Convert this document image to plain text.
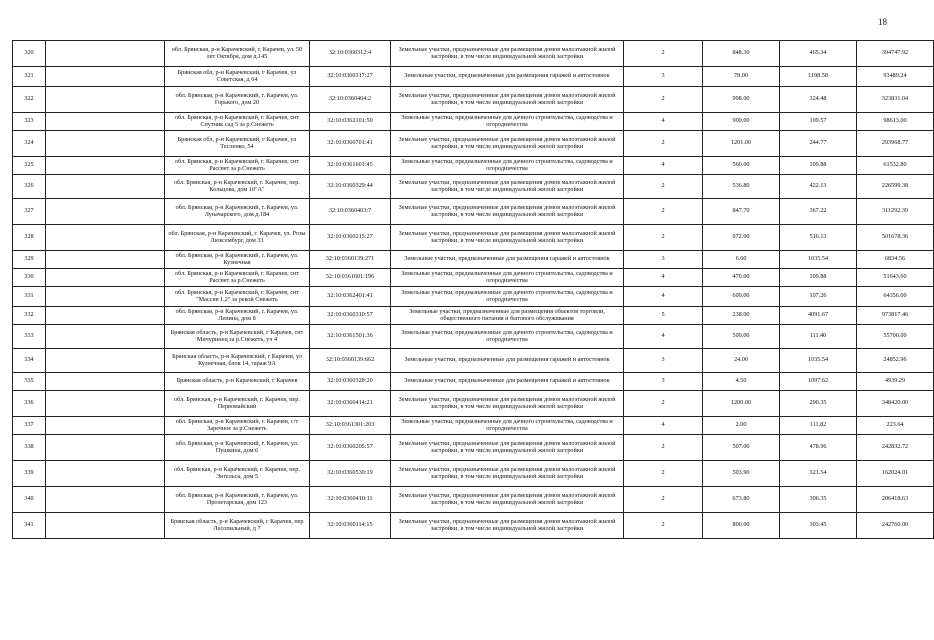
18
320		обл. Брянская, р-н Карачевский, г. Карачев, ул. 50 лет Октября, дом д.145	32:10:0360312:4	Земельные участки, предназначенные для размещения домов малоэтажной жилой застройки, в том числе индивидуальной жилой застройки	2	848.30	465.34	394747.92
321		Брянская обл, р-н Карачевский, г Карачев, ул Советская, д 64	32:10:0360317:27	Земельные участки, предназначенные для размещения гаражей и автостоянок	3	78.00	1198.58	93489.24
322		обл. Брянская, р-н Карачевский, г. Карачев, ул. Горького, дом 20	32:10:0360404:2	Земельные участки, предназначенные для размещения домов малоэтажной жилой застройки, в том числе индивидуальной жилой застройки	2	998.00	324.48	323831.04
323		обл. Брянская, р-н Карачевский, г. Карачев, снт Спутник сад 5 за р.Снежеть	32:10:0362101:50	Земельные участки, предназначенные для дачного строительства, садоводства и огородничества	4	900.00	109.57	98613.00
324		Брянская обл, р-н Карачевский, г Карачев, ул Тесленко, 54	32:10:0360701:41	Земельные участки, предназначенные для размещения домов малоэтажной жилой застройки, в том числе индивидуальной жилой застройки	2	1201.00	244.77	293968.77
325		обл. Брянская, р-н Карачевский, г. Карачев, снт Рассвет за р.Снежеть	32:10:0361601:45	Земельные участки, предназначенные для дачного строительства, садоводства и огородничества	4	560.00	109.88	61532.80
326		обл. Брянская, р-н Карачевский, г. Карачев, пер. Кольцова, дом 10"А"	32:10:0360329:44	Земельные участки, предназначенные для размещения домов малоэтажной жилой застройки, в том числе индивидуальной жилой застройки	2	536.80	422.13	226599.38
327		обл. Брянская, р-н Карачевский, г. Карачев, ул. Луначарского, дом д.184	32:10:0360403:7	Земельные участки, предназначенные для размещения домов малоэтажной жилой застройки, в том числе индивидуальной жилой застройки	2	847.70	367.22	311292.39
328		обл. Брянская, р-н Карачевский, г. Карачев, ул. Розы Люксембург, дом 33	32:10:0360215:27	Земельные участки, предназначенные для размещения домов малоэтажной жилой застройки, в том числе индивидуальной жилой застройки	2	972.00	516.13	501678.36
329		обл. Брянская, р-н Карачевский, г. Карачев, ул. Кузнечная	32:10:0360139:271	Земельные участки, предназначенные для размещения гаражей и автостоянок	3	6.60	1035.54	6834.56
330		обл. Брянская, р-н Карачевский, г. Карачев, снт Рассвет за р.Снежеть	32:10:0361601:196	Земельные участки, предназначенные для дачного строительства, садоводства и огородничества	4	470.00	109.88	51643.60
331		обл. Брянская, р-н Карачевский, г. Карачев, снт "Массив 1,2" за рекой Снежеть	32:10:0362401:41	Земельные участки, предназначенные для дачного строительства, садоводства и огородничества	4	600.00	107.26	64356.00
332		обл. Брянская, р-н Карачевский, г. Карачев, ул. Ленина, дом 8	32:10:0360310:57	Земельные участки, предназначенные для размещения объектов торговли, общественного питания и бытового обслуживания	5	238.00	4091.67	973817.46
333		Брянская область, р-н Карачевский, г Карачев, снт Мичуринец за р.Снежеть, уч 4	32:10:0361501:36	Земельные участки, предназначенные для дачного строительства, садоводства и огородничества	4	500.00	111.40	55700.00
334		Брянская область, р-н Карачевский, г Карачев, ул Кузнечная, блок 14, гараж 9А	32:10:0360139:662	Земельные участки, предназначенные для размещения гаражей и автостоянок	3	24.00	1035.54	24852.96
335		Брянская область, р-н Карачевский, г Карачев	32:10:0360328:20	Земельные участки, предназначенные для размещения гаражей и автостоянок	3	4.50	1097.62	4939.29
336		обл. Брянская, р-н Карачевский, г. Карачев, пер. Первомайский	32:10:0360414:21	Земельные участки, предназначенные для размещения домов малоэтажной жилой застройки, в том числе индивидуальной жилой застройки	2	1200.00	290.35	348420.00
337		обл. Брянская, р-н Карачевский, г. Карачев, с/т Заречное за р.Снежеть	32:10:0361301:203	Земельные участки, предназначенные для дачного строительства, садоводства и огородничества	4	2.00	111.82	223.64
338		обл. Брянская, р-н Карачевский, г. Карачев, ул. Пушкина, дом 6	32:10:0360205:57	Земельные участки, предназначенные для размещения домов малоэтажной жилой застройки, в том числе индивидуальной жилой застройки	2	507.00	478.96	242832.72
339		обл. Брянская, р-н Карачевский, г. Карачев, пер. Энгельса, дом 5	32:10:0360530:19	Земельные участки, предназначенные для размещения домов малоэтажной жилой застройки, в том числе индивидуальной жилой застройки	2	503.90	321.54	162024.01
340		обл. Брянская, р-н Карачевский, г. Карачев, ул. Пролетарская, дом 123	32:10:0360410:11	Земельные участки, предназначенные для размещения домов малоэтажной жилой застройки, в том числе индивидуальной жилой застройки	2	673.80	306.35	206418.63
341		Брянская область, р-н Карачевский, г Карачев, пер Лесопильный, д 7	32:10:0360114:15	Земельные участки, предназначенные для размещения домов малоэтажной жилой застройки, в том числе индивидуальной жилой застройки	2	800.00	303.45	242760.00
